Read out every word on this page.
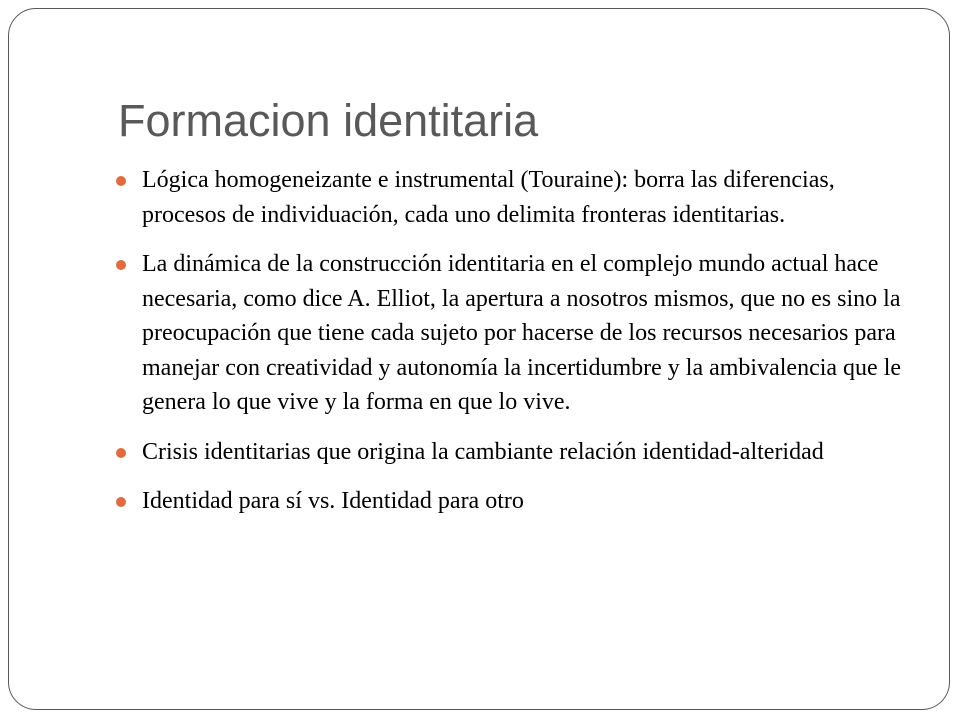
Formacion identitaria
Lógica homogeneizante e instrumental (Touraine): borra las diferencias, procesos de individuación, cada uno delimita fronteras identitarias.
La dinámica de la construcción identitaria en el complejo mundo actual hace necesaria, como dice A. Elliot, la apertura a nosotros mismos, que no es sino la preocupación que tiene cada sujeto por hacerse de los recursos necesarios para manejar con creatividad y autonomía la incertidumbre y la ambivalencia que le genera lo que vive y la forma en que lo vive.
Crisis identitarias que origina la cambiante relación identidad-alteridad
Identidad para sí vs. Identidad para otro
